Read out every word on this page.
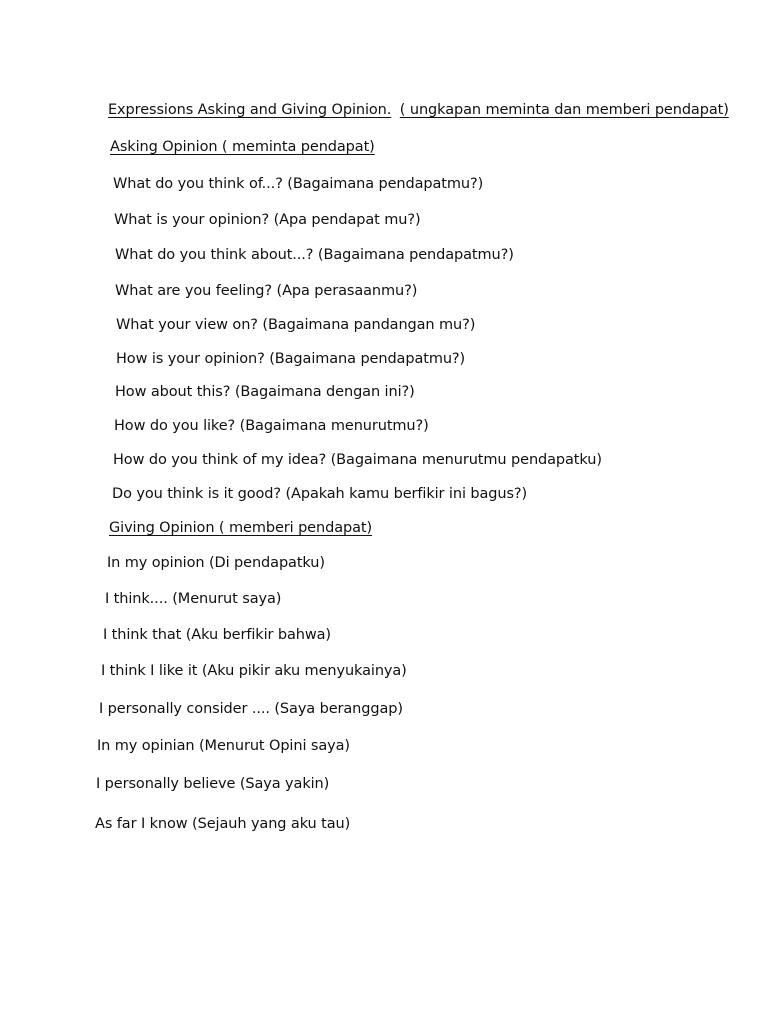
Expressions Asking and Giving Opinion. ( ungkapan meminta dan memberi pendapat)
Asking Opinion ( meminta pendapat)
What do you think of...? (Bagaimana pendapatmu?)
What is your opinion? (Apa pendapat mu?)
What do you think about...? (Bagaimana pendapatmu?)
What are you feeling? (Apa perasaanmu?)
What your view on? (Bagaimana pandangan mu?)
How is your opinion? (Bagaimana pendapatmu?)
How about this? (Bagaimana dengan ini?)
How do you like? (Bagaimana menurutmu?)
How do you think of my idea? (Bagaimana menurutmu pendapatku)
Do you think is it good? (Apakah kamu berfikir ini bagus?)
Giving Opinion ( memberi pendapat)
In my opinion (Di pendapatku)
I think.... (Menurut saya)
I think that (Aku berfikir bahwa)
I think I like it (Aku pikir aku menyukainya)
I personally consider .... (Saya beranggap)
In my opinian (Menurut Opini saya)
I personally believe (Saya yakin)
As far I know (Sejauh yang aku tau)
